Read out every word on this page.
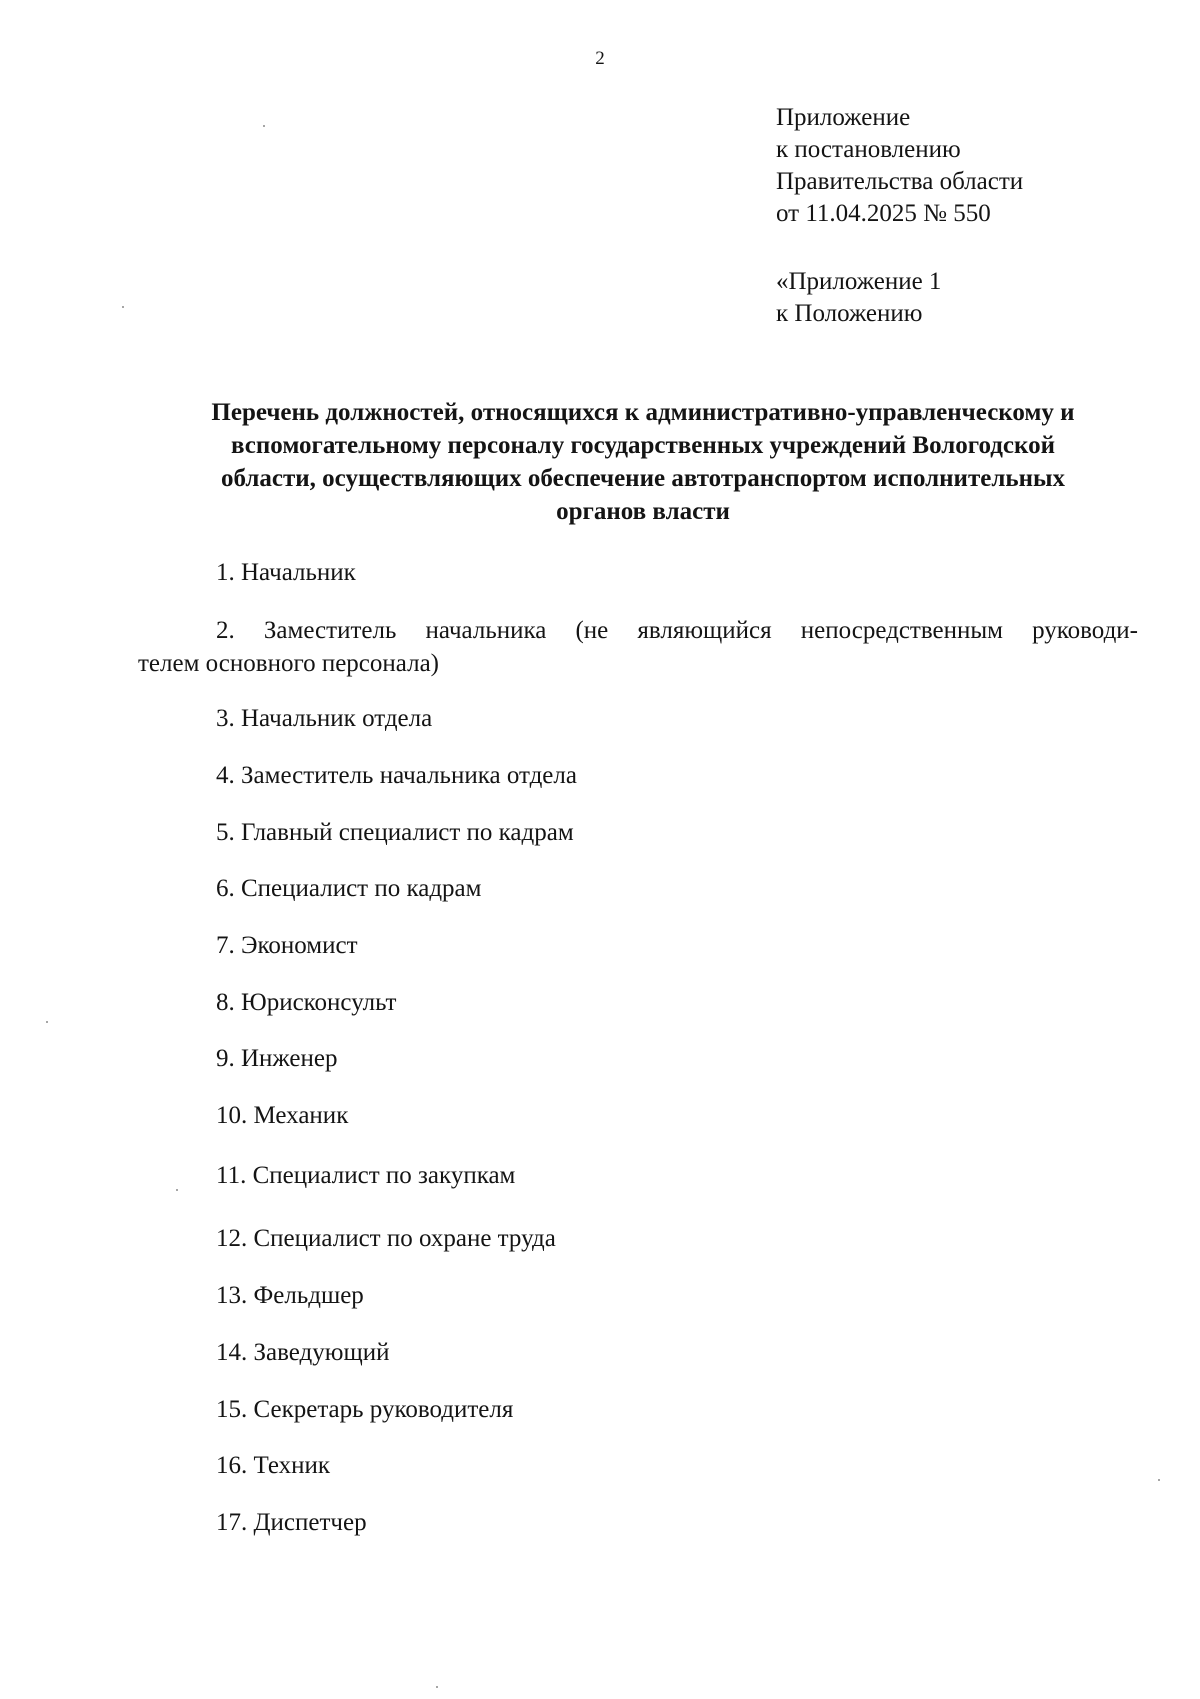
2
Приложение
к постановлению
Правительства области
от 11.04.2025 № 550
«Приложение 1
к Положению
Перечень должностей, относящихся к административно-управленческому и
вспомогательному персоналу государственных учреждений Вологодской
области, осуществляющих обеспечение автотранспортом исполнительных
органов власти
1. Начальник
2. Заместитель начальника (не являющийся непосредственным руководи-
телем основного персонала)
3. Начальник отдела
4. Заместитель начальника отдела
5. Главный специалист по кадрам
6. Специалист по кадрам
7. Экономист
8. Юрисконсульт
9. Инженер
10. Механик
11. Специалист по закупкам
12. Специалист по охране труда
13. Фельдшер
14. Заведующий
15. Секретарь руководителя
16. Техник
17. Диспетчер
